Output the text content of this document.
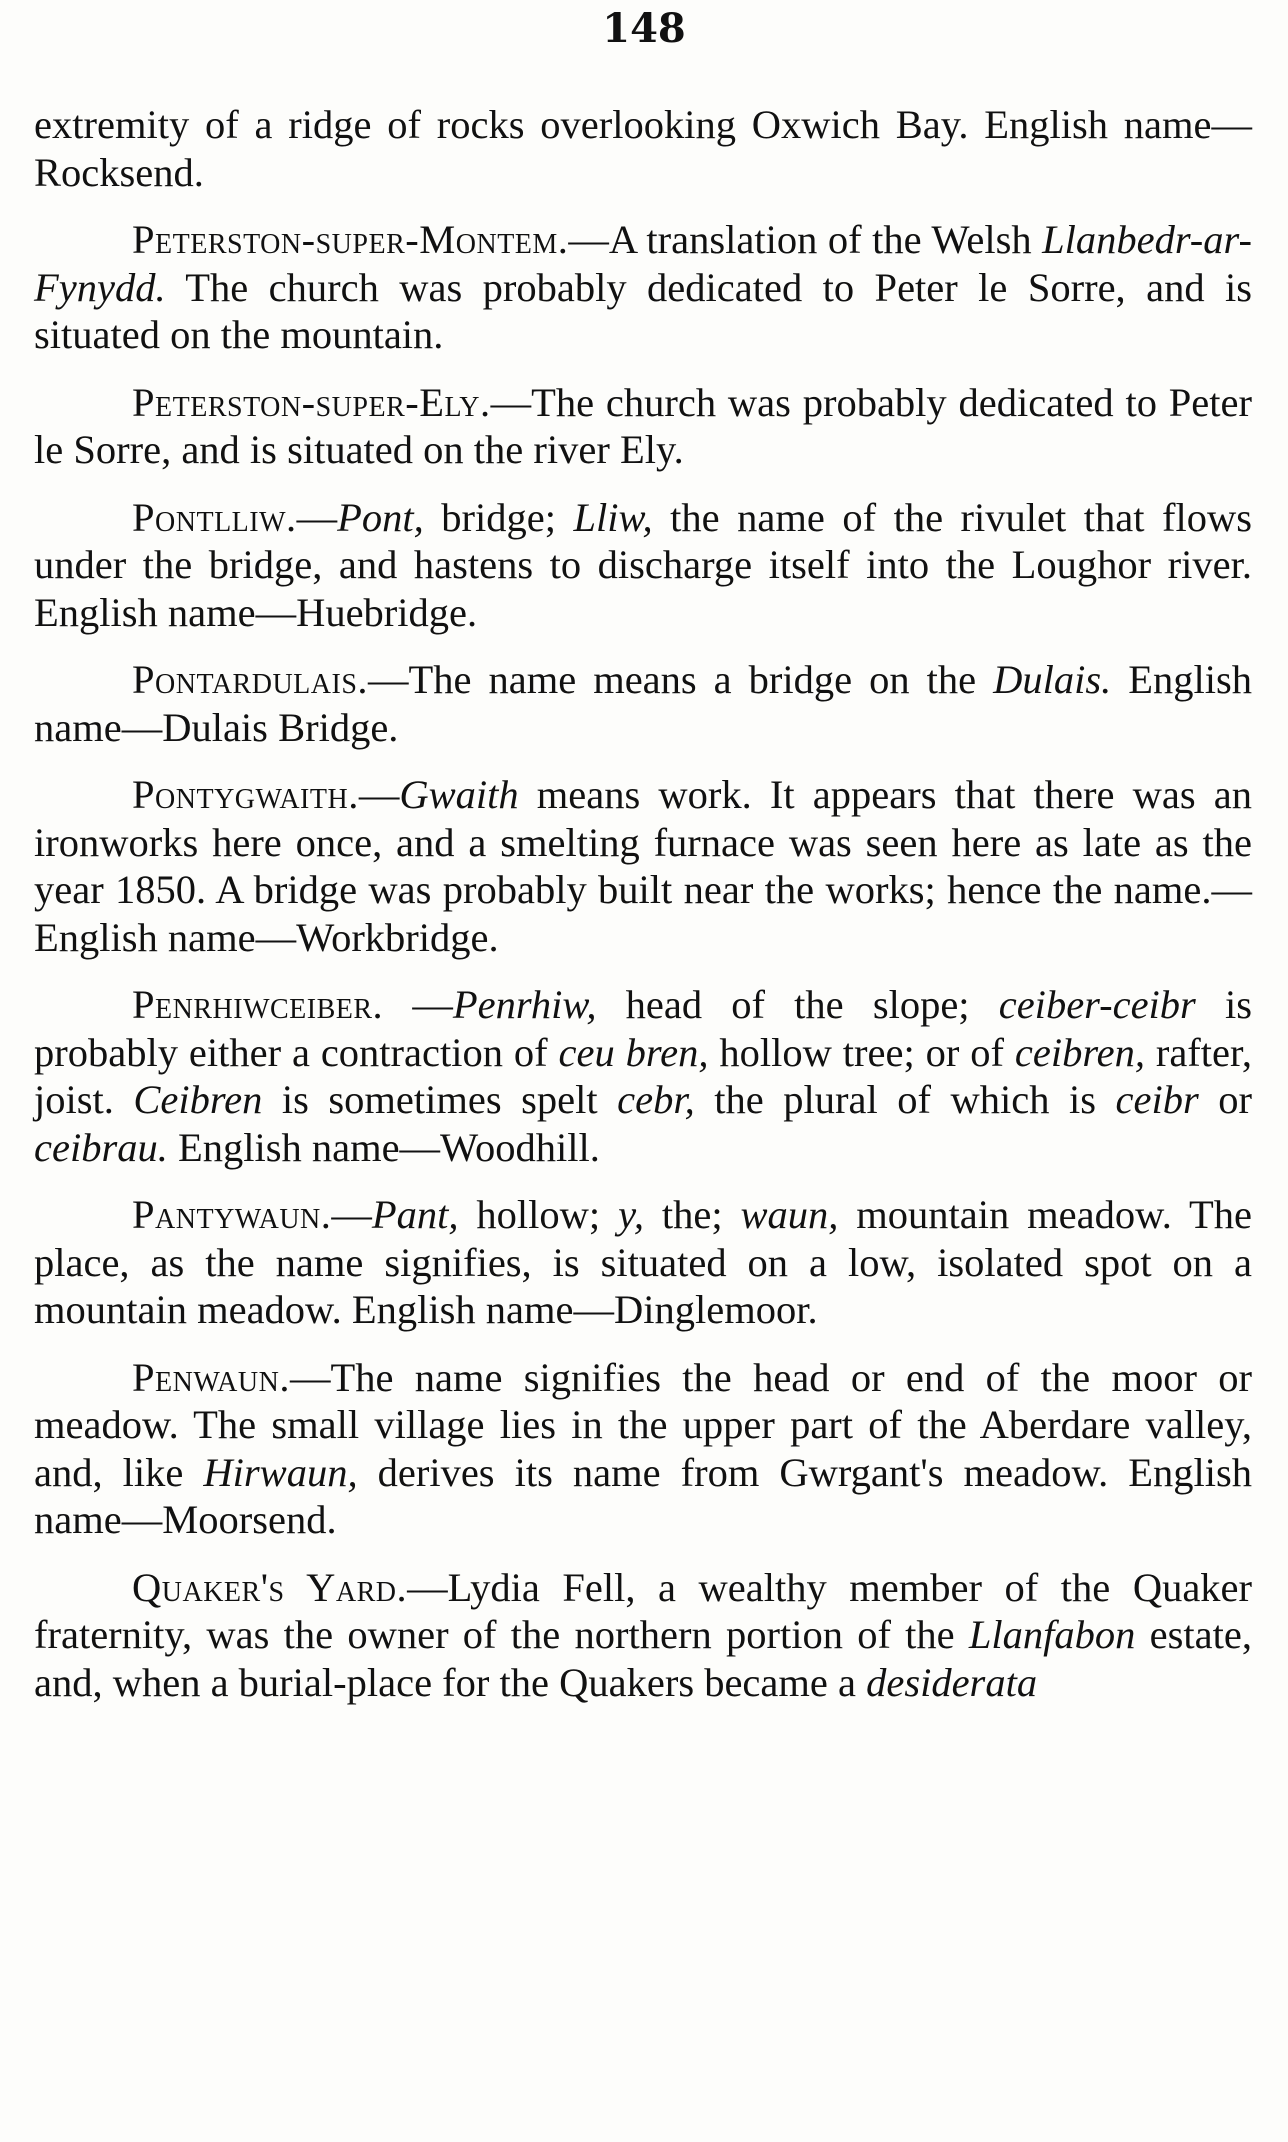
148

extremity of a ridge of rocks overlooking Oxwich Bay. English name—Rocksend.

Peterston-super-Montem.—A translation of the Welsh Llanbedr-ar-Fynydd. The church was probably dedicated to Peter le Sorre, and is situated on the mountain.

Peterston-super-Ely.—The church was probably dedicated to Peter le Sorre, and is situated on the river Ely.

Pontlliw.—Pont, bridge; Lliw, the name of the rivulet that flows under the bridge, and hastens to discharge itself into the Loughor river. English name—Huebridge.

Pontardulais.—The name means a bridge on the Dulais. English name—Dulais Bridge.

Pontygwaith.—Gwaith means work. It appears that there was an ironworks here once, and a smelting furnace was seen here as late as the year 1850. A bridge was probably built near the works; hence the name.—English name—Workbridge.

Penrhiwceiber. —Penrhiw, head of the slope; ceiber-ceibr is probably either a contraction of ceu bren, hollow tree; or of ceibren, rafter, joist. Ceibren is sometimes spelt cebr, the plural of which is ceibr or ceibrau. English name—Woodhill.

Pantywaun.—Pant, hollow; y, the; waun, mountain meadow. The place, as the name signifies, is situated on a low, isolated spot on a mountain meadow. English name—Dinglemoor.

Penwaun.—The name signifies the head or end of the moor or meadow. The small village lies in the upper part of the Aberdare valley, and, like Hirwaun, derives its name from Gwrgant's meadow. English name—Moorsend.

Quaker's Yard.—Lydia Fell, a wealthy member of the Quaker fraternity, was the owner of the northern portion of the Llanfabon estate, and, when a burial-place for the Quakers became a desiderata
